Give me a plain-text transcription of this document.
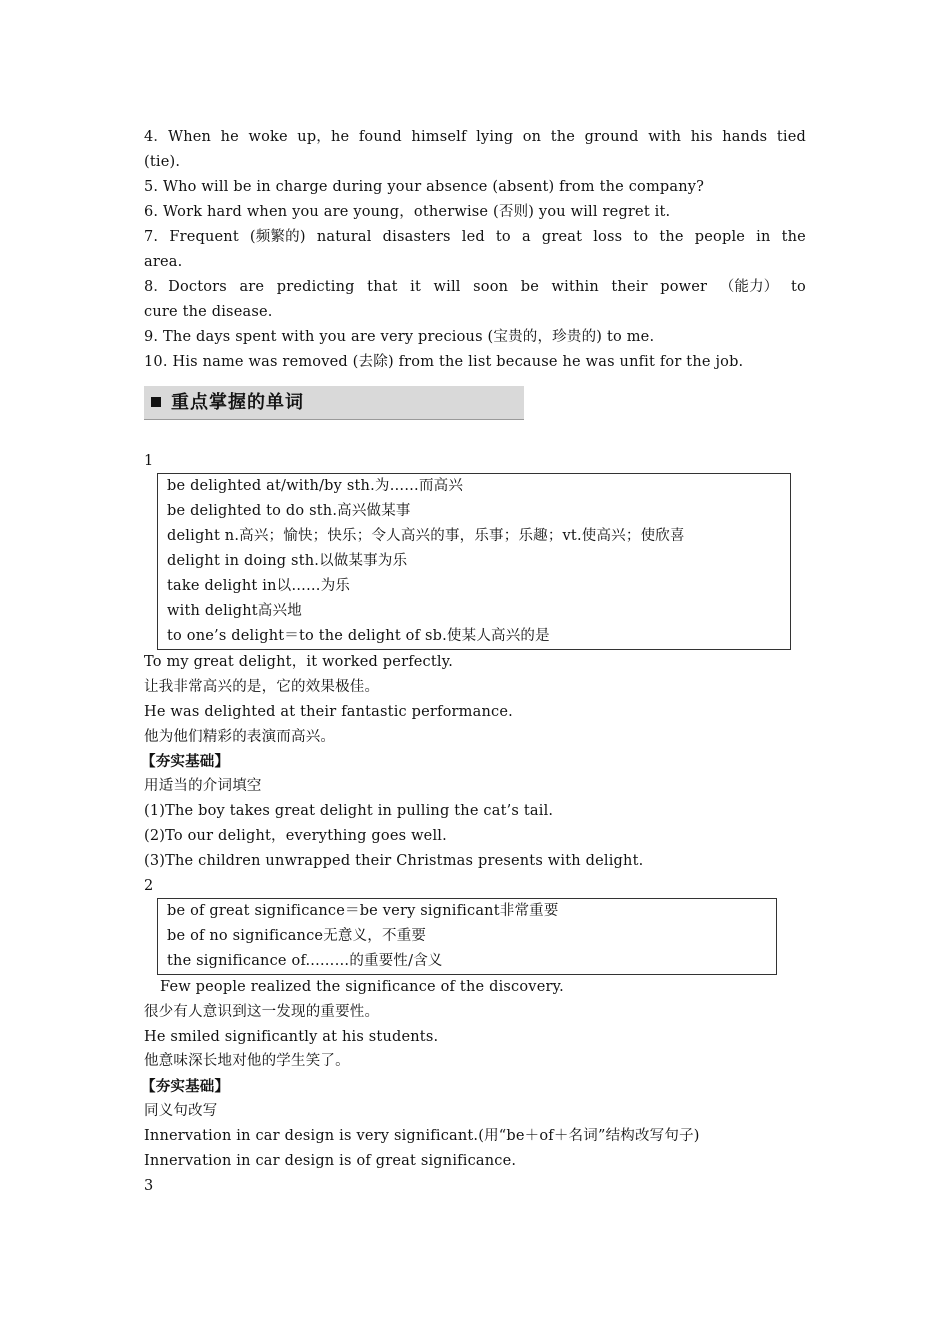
4．When he woke up，he found himself lying on the ground with his hands tied
(tie).
5. Who will be in charge during your absence (absent) from the company?
6. Work hard when you are young，otherwise (否则) you will regret it.
7. Frequent (频繁的) natural disasters led to a great loss to the people in the
area.
8．Doctors are predicting that it will soon be within their power （能力） to
cure the disease.
9. The days spent with you are very precious (宝贵的，珍贵的) to me.
10. His name was removed (去除) from the list because he was unfit for the job.
重点掌握的单词
1
be delighted at/with/by sth.为……而高兴
be delighted to do sth.高兴做某事
delight n.高兴；愉快；快乐；令人高兴的事，乐事；乐趣；vt.使高兴；使欣喜
delight in doing sth.以做某事为乐
take delight in以……为乐
with delight高兴地
to one’s delight＝to the delight of sb.使某人高兴的是
To my great delight，it worked perfectly.
让我非常高兴的是，它的效果极佳。
He was delighted at their fantastic performance.
他为他们精彩的表演而高兴。
【夯实基础】
用适当的介词填空
(1)The boy takes great delight in pulling the cat’s tail.
(2)To our delight，everything goes well.
(3)The children unwrapped their Christmas presents with delight.
2
be of great significance＝be very significant非常重要
be of no significance无意义，不重要
the significance of...……的重要性/含义
Few people realized the significance of the discovery.
很少有人意识到这一发现的重要性。
He smiled significantly at his students.
他意味深长地对他的学生笑了。
【夯实基础】
同义句改写
Innervation in car design is very significant.(用“be＋of＋名词”结构改写句子)
Innervation in car design is of great significance.
3
